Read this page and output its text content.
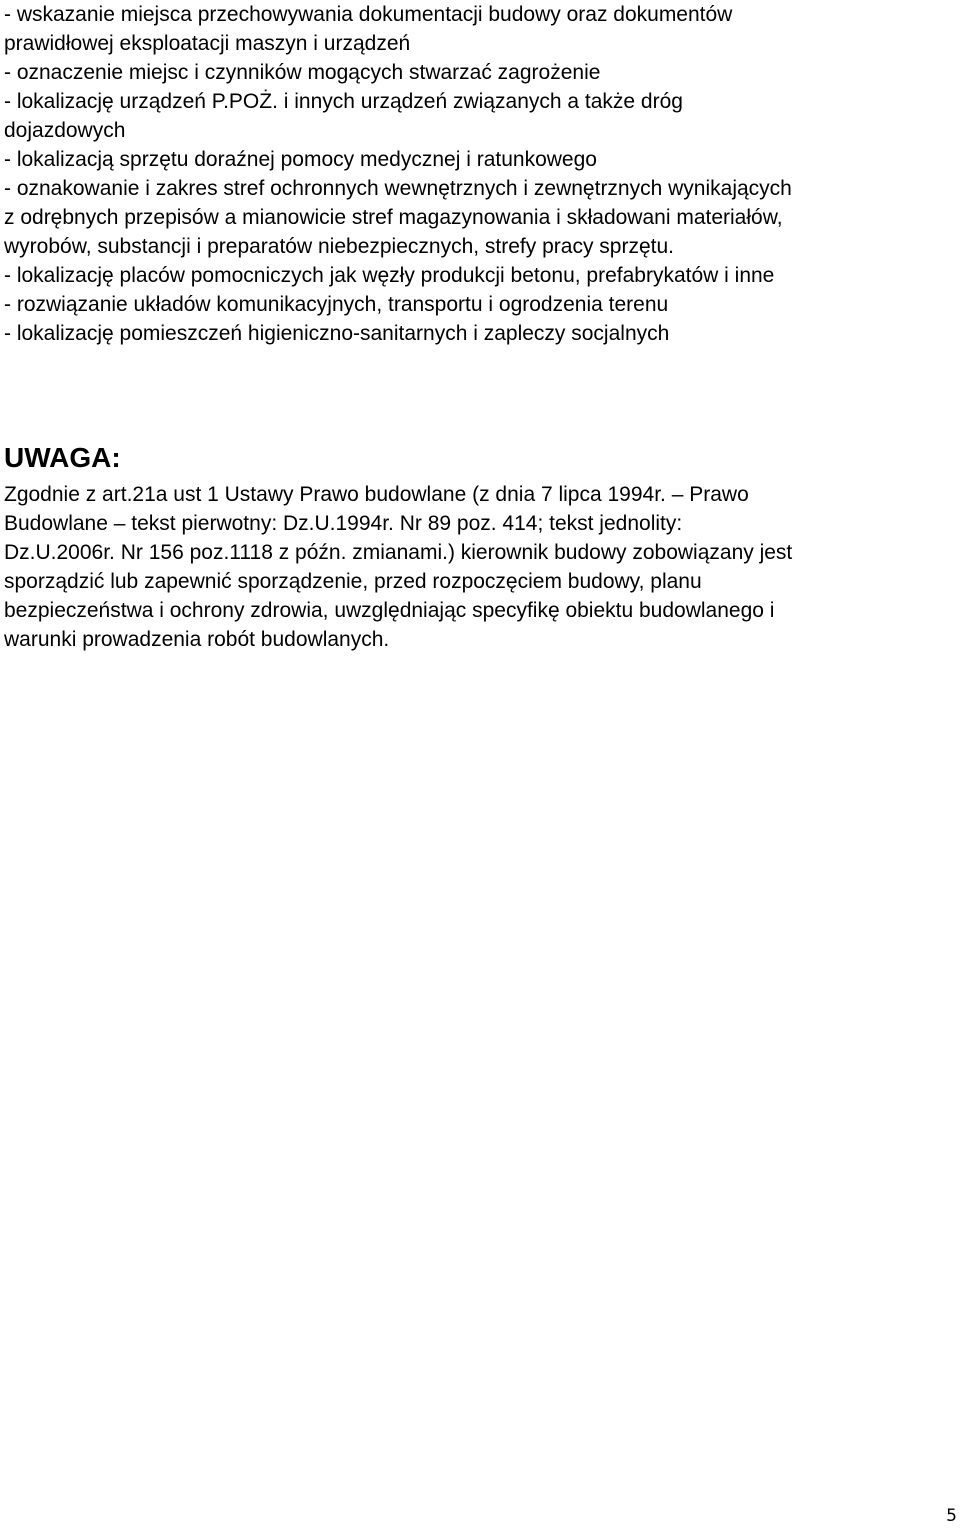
- wskazanie miejsca przechowywania dokumentacji budowy oraz dokumentów
prawidłowej eksploatacji maszyn i urządzeń
- oznaczenie miejsc i czynników mogących stwarzać zagrożenie
- lokalizację urządzeń P.POŻ. i innych urządzeń związanych a także dróg
dojazdowych
- lokalizacją sprzętu doraźnej pomocy medycznej i ratunkowego
- oznakowanie i zakres stref ochronnych wewnętrznych i zewnętrznych wynikających
z odrębnych przepisów a mianowicie stref magazynowania i składowani materiałów,
wyrobów, substancji i preparatów niebezpiecznych, strefy pracy sprzętu.
- lokalizację placów pomocniczych jak węzły produkcji betonu, prefabrykatów i inne
- rozwiązanie układów komunikacyjnych, transportu i ogrodzenia terenu
- lokalizację pomieszczeń higieniczno-sanitarnych i zapleczy socjalnych
UWAGA:
Zgodnie z art.21a ust 1 Ustawy Prawo budowlane (z dnia 7 lipca 1994r. – Prawo
Budowlane – tekst pierwotny: Dz.U.1994r. Nr 89 poz. 414; tekst jednolity:
Dz.U.2006r. Nr 156 poz.1118 z późn. zmianami.) kierownik budowy zobowiązany jest
sporządzić lub zapewnić sporządzenie, przed rozpoczęciem budowy, planu
bezpieczeństwa i ochrony zdrowia, uwzględniając specyfikę obiektu budowlanego i
warunki prowadzenia robót budowlanych.
5
